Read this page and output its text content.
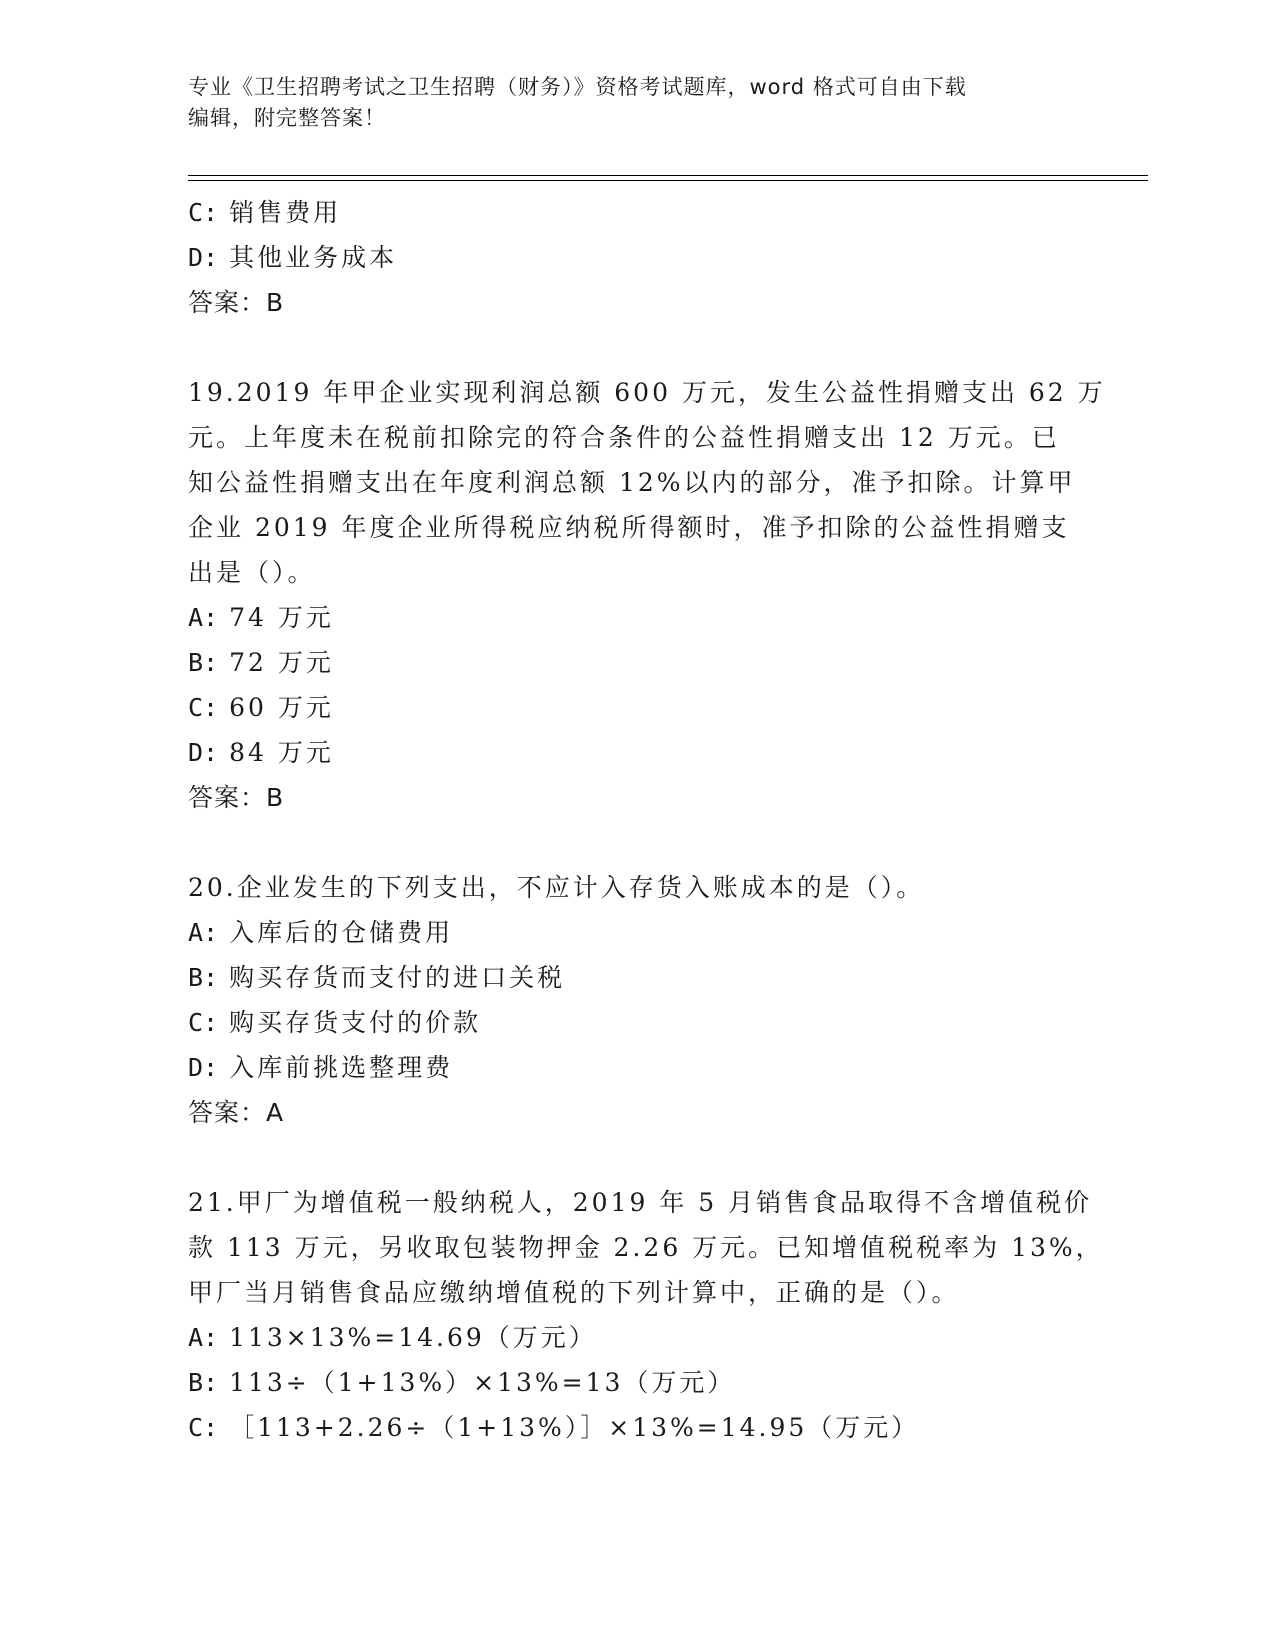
专业《卫生招聘考试之卫生招聘（财务）》资格考试题库，word 格式可自由下载
编辑，附完整答案！
C: 销售费用
D: 其他业务成本
答案：B
19.2019 年甲企业实现利润总额 600 万元，发生公益性捐赠支出 62 万
元。上年度未在税前扣除完的符合条件的公益性捐赠支出 12 万元。已
知公益性捐赠支出在年度利润总额 12%以内的部分，准予扣除。计算甲
企业 2019 年度企业所得税应纳税所得额时，准予扣除的公益性捐赠支
出是（）。
A: 74 万元
B: 72 万元
C: 60 万元
D: 84 万元
答案：B
20.企业发生的下列支出，不应计入存货入账成本的是（）。
A: 入库后的仓储费用
B: 购买存货而支付的进口关税
C: 购买存货支付的价款
D: 入库前挑选整理费
答案：A
21.甲厂为增值税一般纳税人，2019 年 5 月销售食品取得不含增值税价
款 113 万元，另收取包装物押金 2.26 万元。已知增值税税率为 13%，
甲厂当月销售食品应缴纳增值税的下列计算中，正确的是（）。
A: 113×13%=14.69（万元）
B: 113÷（1+13%）×13%=13（万元）
C: ［113+2.26÷（1+13%）］×13%=14.95（万元）
